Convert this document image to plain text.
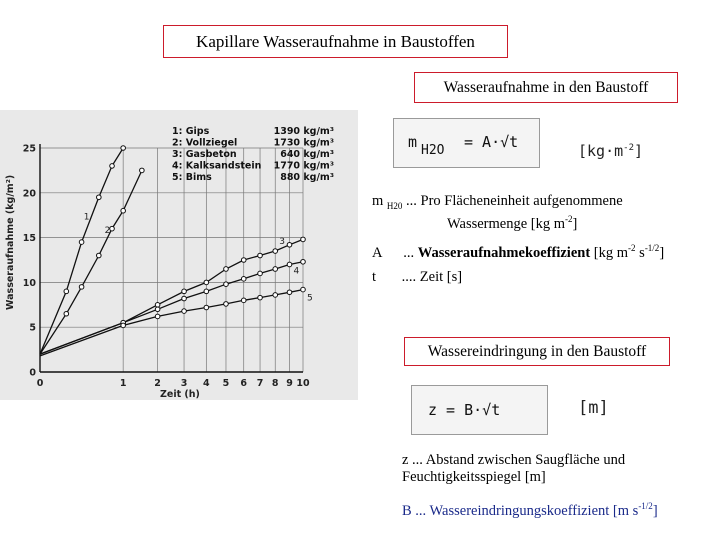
Kapillare Wasseraufnahme in Baustoffen
1
2
3
4
5
0
5
10
15
20
25
0	1	2 3 4 5 6 7 8 9 10
Wasseraufnahme (kg/m²)
Zeit (h)
1: Gips	1390 kg/m³
2: Vollziegel	1730 kg/m³
3: Gasbeton	640 kg/m³
4: Kalksandstein 1770 kg/m³
5: Bims	880 kg/m³
Wasseraufnahme in den Baustoff
m H2O = A·√t	$[kg\cdot m^{-2}]$
m $_{H20}$ ... Pro Flächeneinheit aufgenommene
Wassermenge [kg $m^{-2}$]
A ... Wasseraufnahmekoeffizient [kg $m^{-2}$ $s^{-1/2}$]
t .... Zeit [s]
Wassereindringung in den Baustoff
z = B·√t	[m]
z ... Abstand zwischen Saugfläche und
Feuchtigkeitsspiegel [m]
B ... Wassereindringungskoeffizient [m $s^{-1/2}$]
